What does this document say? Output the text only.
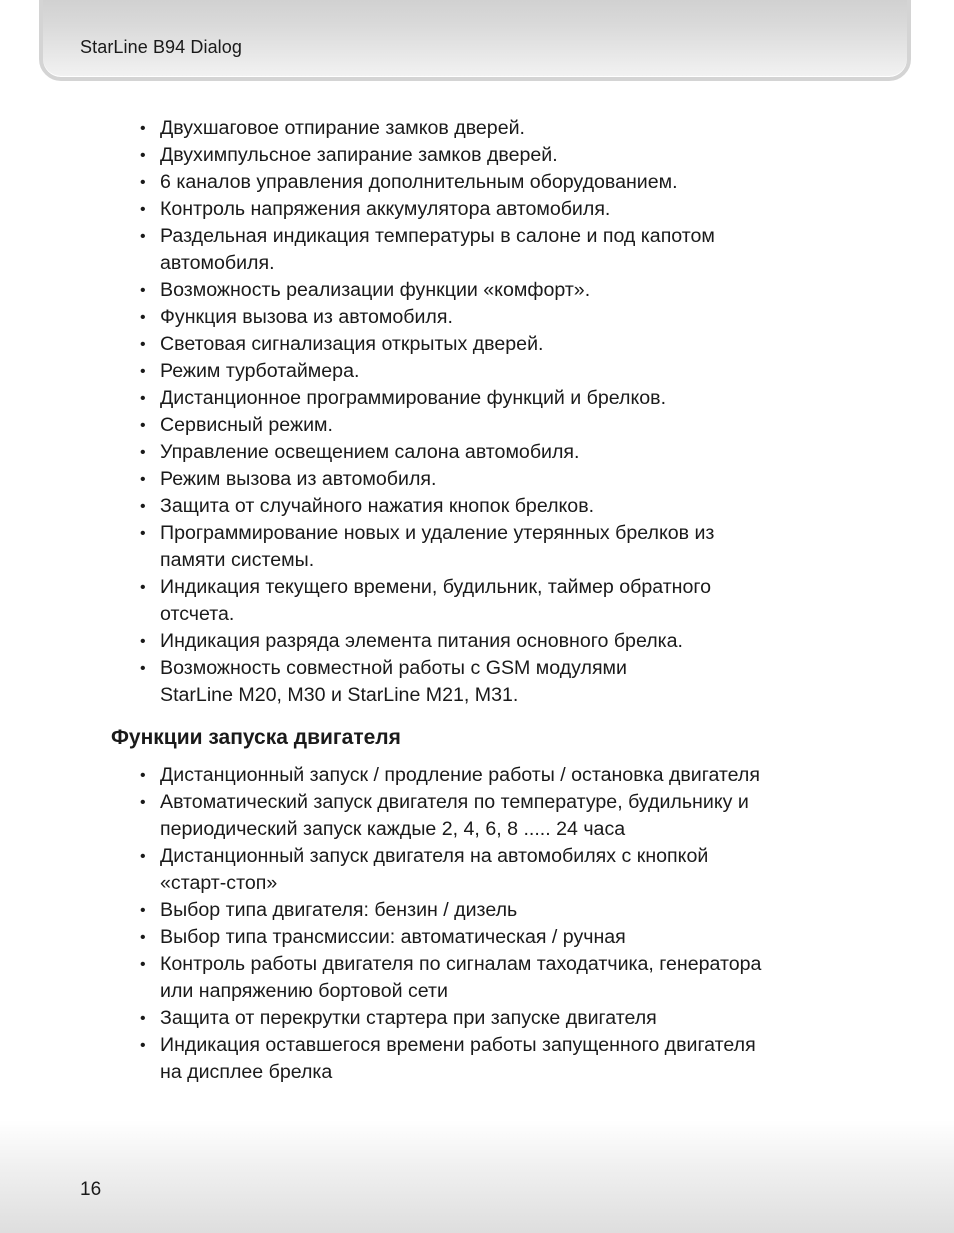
StarLine B94 Dialog
• Двухшаговое отпирание замков дверей.
• Двухимпульсное запирание замков дверей.
• 6 каналов управления дополнительным оборудованием.
• Контроль напряжения аккумулятора автомобиля.
• Раздельная индикация температуры в салоне и под капотом
автомобиля.
• Возможность реализации функции «комфорт».
• Функция вызова из автомобиля.
• Световая сигнализация открытых дверей.
• Режим турботаймера.
• Дистанционное программирование функций и брелков.
• Сервисный режим.
• Управление освещением салона автомобиля.
• Режим вызова из автомобиля.
• Защита от случайного нажатия кнопок брелков.
• Программирование новых и удаление утерянных брелков из
памяти системы.
• Индикация текущего времени, будильник, таймер обратного
отсчета.
• Индикация разряда элемента питания основного брелка.
• Возможность совместной работы с GSM модулями
StarLine M20, M30 и StarLine M21, M31.
Функции запуска двигателя
• Дистанционный запуск / продление работы / остановка двигателя
• Автоматический запуск двигателя по температуре, будильнику и
периодический запуск каждые 2, 4, 6, 8 ..... 24 часа
• Дистанционный запуск двигателя на автомобилях с кнопкой
«старт-стоп»
• Выбор типа двигателя: бензин / дизель
• Выбор типа трансмиссии: автоматическая / ручная
• Контроль работы двигателя по сигналам таходатчика, генератора
или напряжению бортовой сети
• Защита от перекрутки стартера при запуске двигателя
• Индикация оставшегося времени работы запущенного двигателя
на дисплее брелка
16
